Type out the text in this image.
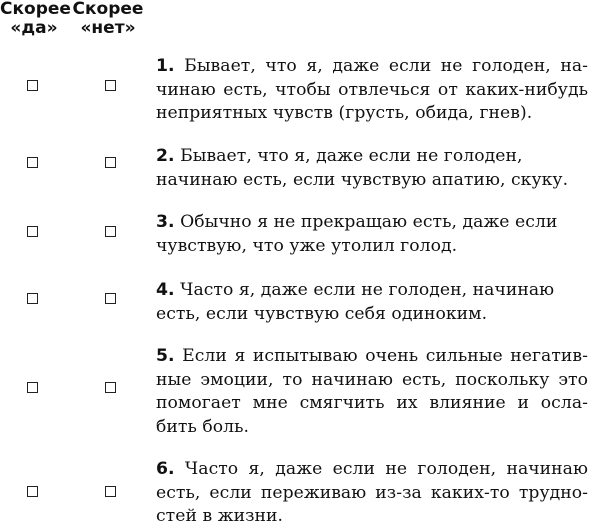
Скорее
«да»
Скорее
«нет»
1. Бывает, что я, даже если не голоден, на-
чинаю есть, чтобы отвлечься от каких-нибудь
неприятных чувств (грусть, обида, гнев).
2. Бывает, что я, даже если не голоден,
начинаю есть, если чувствую апатию, скуку.
3. Обычно я не прекращаю есть, даже если
чувствую, что уже утолил голод.
4. Часто я, даже если не голоден, начинаю
есть, если чувствую себя одиноким.
5. Если я испытываю очень сильные негатив-
ные эмоции, то начинаю есть, поскольку это
помогает мне смягчить их влияние и осла-
бить боль.
6. Часто я, даже если не голоден, начинаю
есть, если переживаю из-за каких-то трудно-
стей в жизни.
